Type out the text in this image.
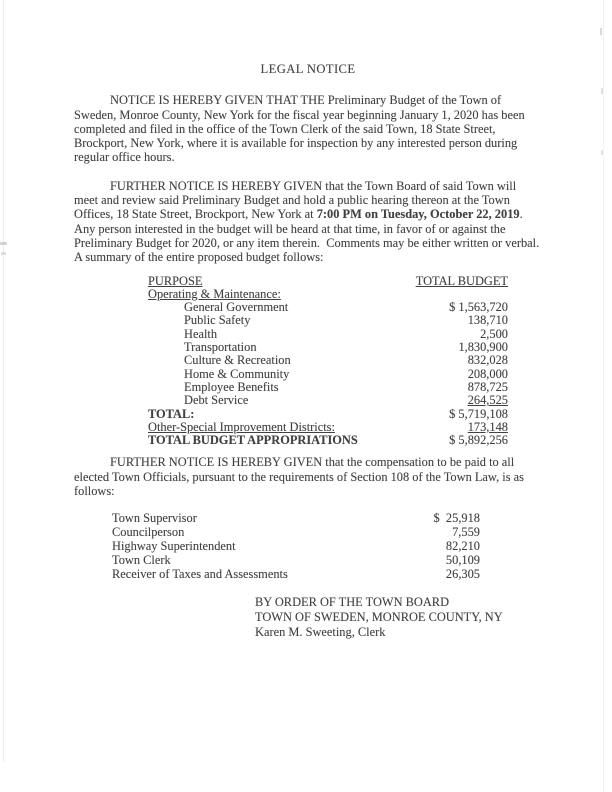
LEGAL NOTICE

NOTICE IS HEREBY GIVEN THAT THE Preliminary Budget of the Town of Sweden, Monroe County, New York for the fiscal year beginning January 1, 2020 has been completed and filed in the office of the Town Clerk of the said Town, 18 State Street, Brockport, New York, where it is available for inspection by any interested person during regular office hours.

FURTHER NOTICE IS HEREBY GIVEN that the Town Board of said Town will meet and review said Preliminary Budget and hold a public hearing thereon at the Town Offices, 18 State Street, Brockport, New York at 7:00 PM on Tuesday, October 22, 2019.  Any person interested in the budget will be heard at that time, in favor of or against the Preliminary Budget for 2020, or any item therein.  Comments may be either written or verbal.  A summary of the entire proposed budget follows:

PURPOSE	TOTAL BUDGET
Operating & Maintenance:
General Government	$ 1,563,720
Public Safety	138,710
Health	2,500
Transportation	1,830,900
Culture & Recreation	832,028
Home & Community	208,000
Employee Benefits	878,725
Debt Service	264,525
TOTAL:	$ 5,719,108
Other-Special Improvement Districts:	173,148
TOTAL BUDGET APPROPRIATIONS	$ 5,892,256

FURTHER NOTICE IS HEREBY GIVEN that the compensation to be paid to all elected Town Officials, pursuant to the requirements of Section 108 of the Town Law, is as follows:

Town Supervisor	$  25,918
Councilperson	7,559
Highway Superintendent	82,210
Town Clerk	50,109
Receiver of Taxes and Assessments	26,305
BY ORDER OF THE TOWN BOARD
TOWN OF SWEDEN, MONROE COUNTY, NY
Karen M. Sweeting, Clerk
